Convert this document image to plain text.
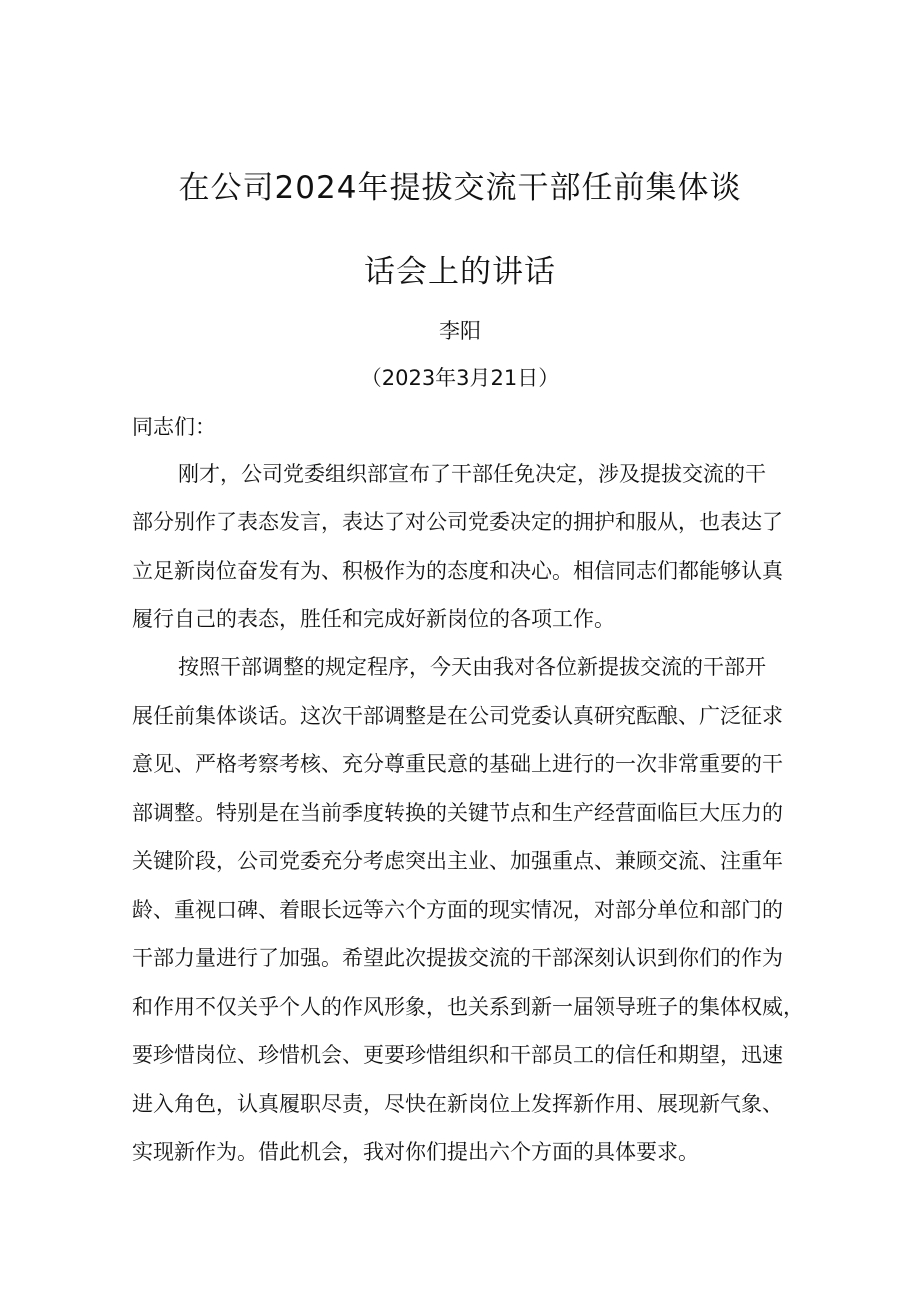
在公司2024年提拔交流干部任前集体谈
话会上的讲话
李阳
（2023年3月21日）
同志们：
刚才，公司党委组织部宣布了干部任免决定，涉及提拔交流的干
部分别作了表态发言，表达了对公司党委决定的拥护和服从，也表达了
立足新岗位奋发有为、积极作为的态度和决心。相信同志们都能够认真
履行自己的表态，胜任和完成好新岗位的各项工作。
按照干部调整的规定程序，今天由我对各位新提拔交流的干部开
展任前集体谈话。这次干部调整是在公司党委认真研究酝酿、广泛征求
意见、严格考察考核、充分尊重民意的基础上进行的一次非常重要的干
部调整。特别是在当前季度转换的关键节点和生产经营面临巨大压力的
关键阶段，公司党委充分考虑突出主业、加强重点、兼顾交流、注重年
龄、重视口碑、着眼长远等六个方面的现实情况，对部分单位和部门的
干部力量进行了加强。希望此次提拔交流的干部深刻认识到你们的作为
和作用不仅关乎个人的作风形象，也关系到新一届领导班子的集体权威，
要珍惜岗位、珍惜机会、更要珍惜组织和干部员工的信任和期望，迅速
进入角色，认真履职尽责，尽快在新岗位上发挥新作用、展现新气象、
实现新作为。借此机会，我对你们提出六个方面的具体要求。
